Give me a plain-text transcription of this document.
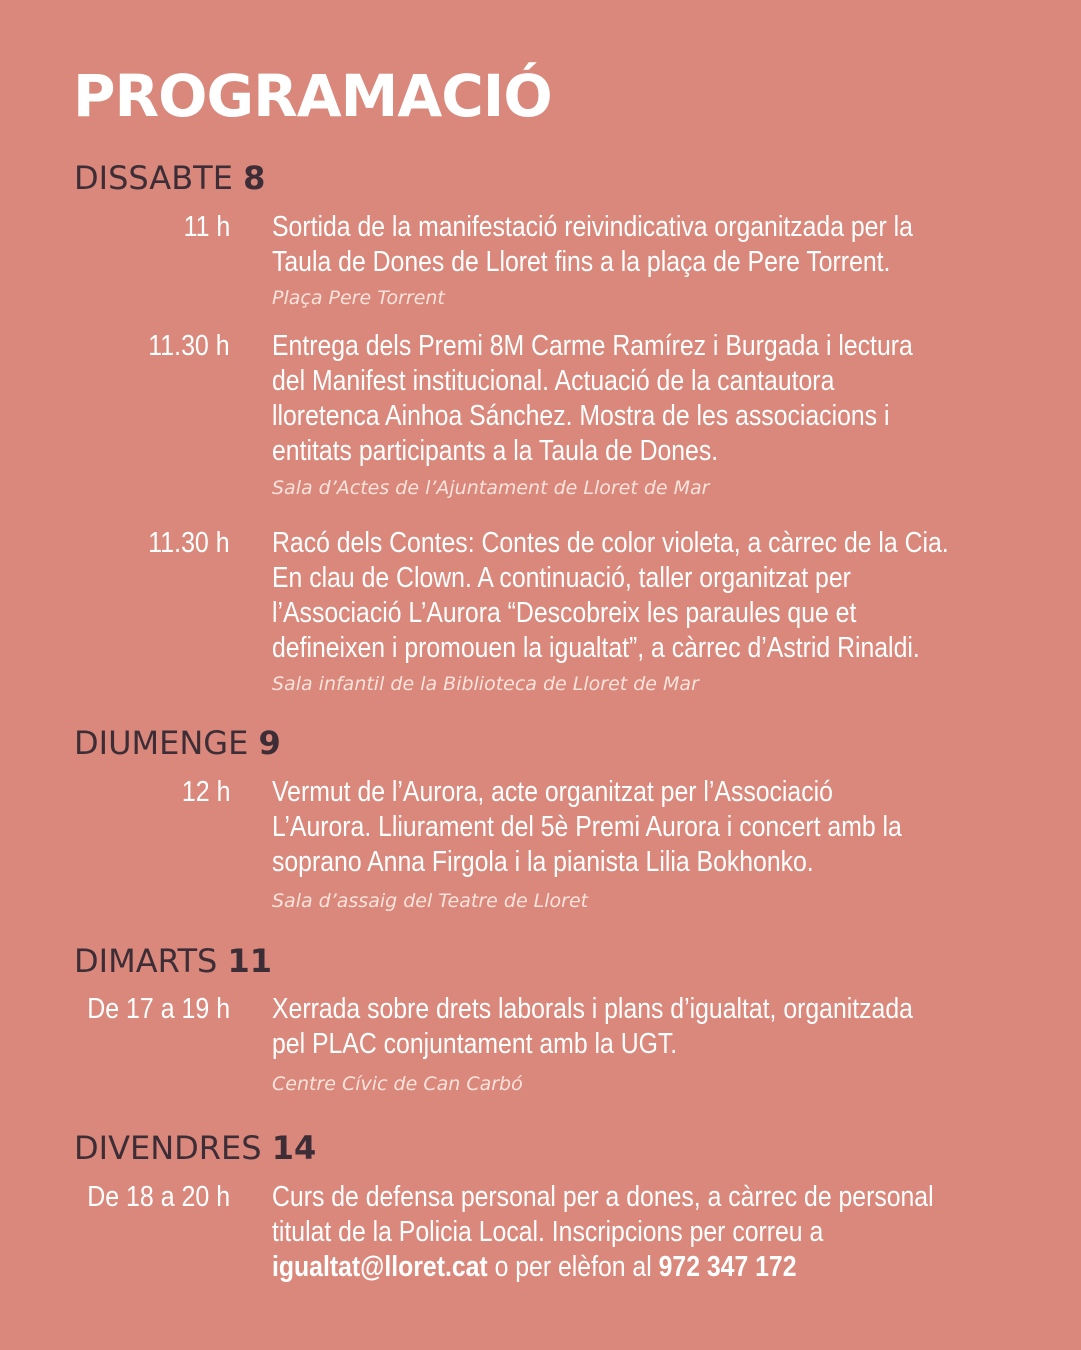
PROGRAMACIÓ
DISSABTE 8
11 h Sortida de la manifestació reivindicativa organitzada per la
Taula de Dones de Lloret fins a la plaça de Pere Torrent.
Plaça Pere Torrent
11.30 h Entrega dels Premi 8M Carme Ramírez i Burgada i lectura
del Manifest institucional. Actuació de la cantautora
lloretenca Ainhoa Sánchez. Mostra de les associacions i
entitats participants a la Taula de Dones.
Sala d’Actes de l’Ajuntament de Lloret de Mar
11.30 h Racó dels Contes: Contes de color violeta, a càrrec de la Cia.
En clau de Clown. A continuació, taller organitzat per
l’Associació L’Aurora “Descobreix les paraules que et
defineixen i promouen la igualtat”, a càrrec d’Astrid Rinaldi.
Sala infantil de la Biblioteca de Lloret de Mar
DIUMENGE 9
12 h Vermut de l’Aurora, acte organitzat per l’Associació
L’Aurora. Lliurament del 5è Premi Aurora i concert amb la
soprano Anna Firgola i la pianista Lilia Bokhonko.
Sala d’assaig del Teatre de Lloret
DIMARTS 11
De 17 a 19 h Xerrada sobre drets laborals i plans d’igualtat, organitzada
pel PLAC conjuntament amb la UGT.
Centre Cívic de Can Carbó
DIVENDRES 14
De 18 a 20 h Curs de defensa personal per a dones, a càrrec de personal
titulat de la Policia Local. Inscripcions per correu a
igualtat@lloret.cat o per elèfon al 972 347 172
